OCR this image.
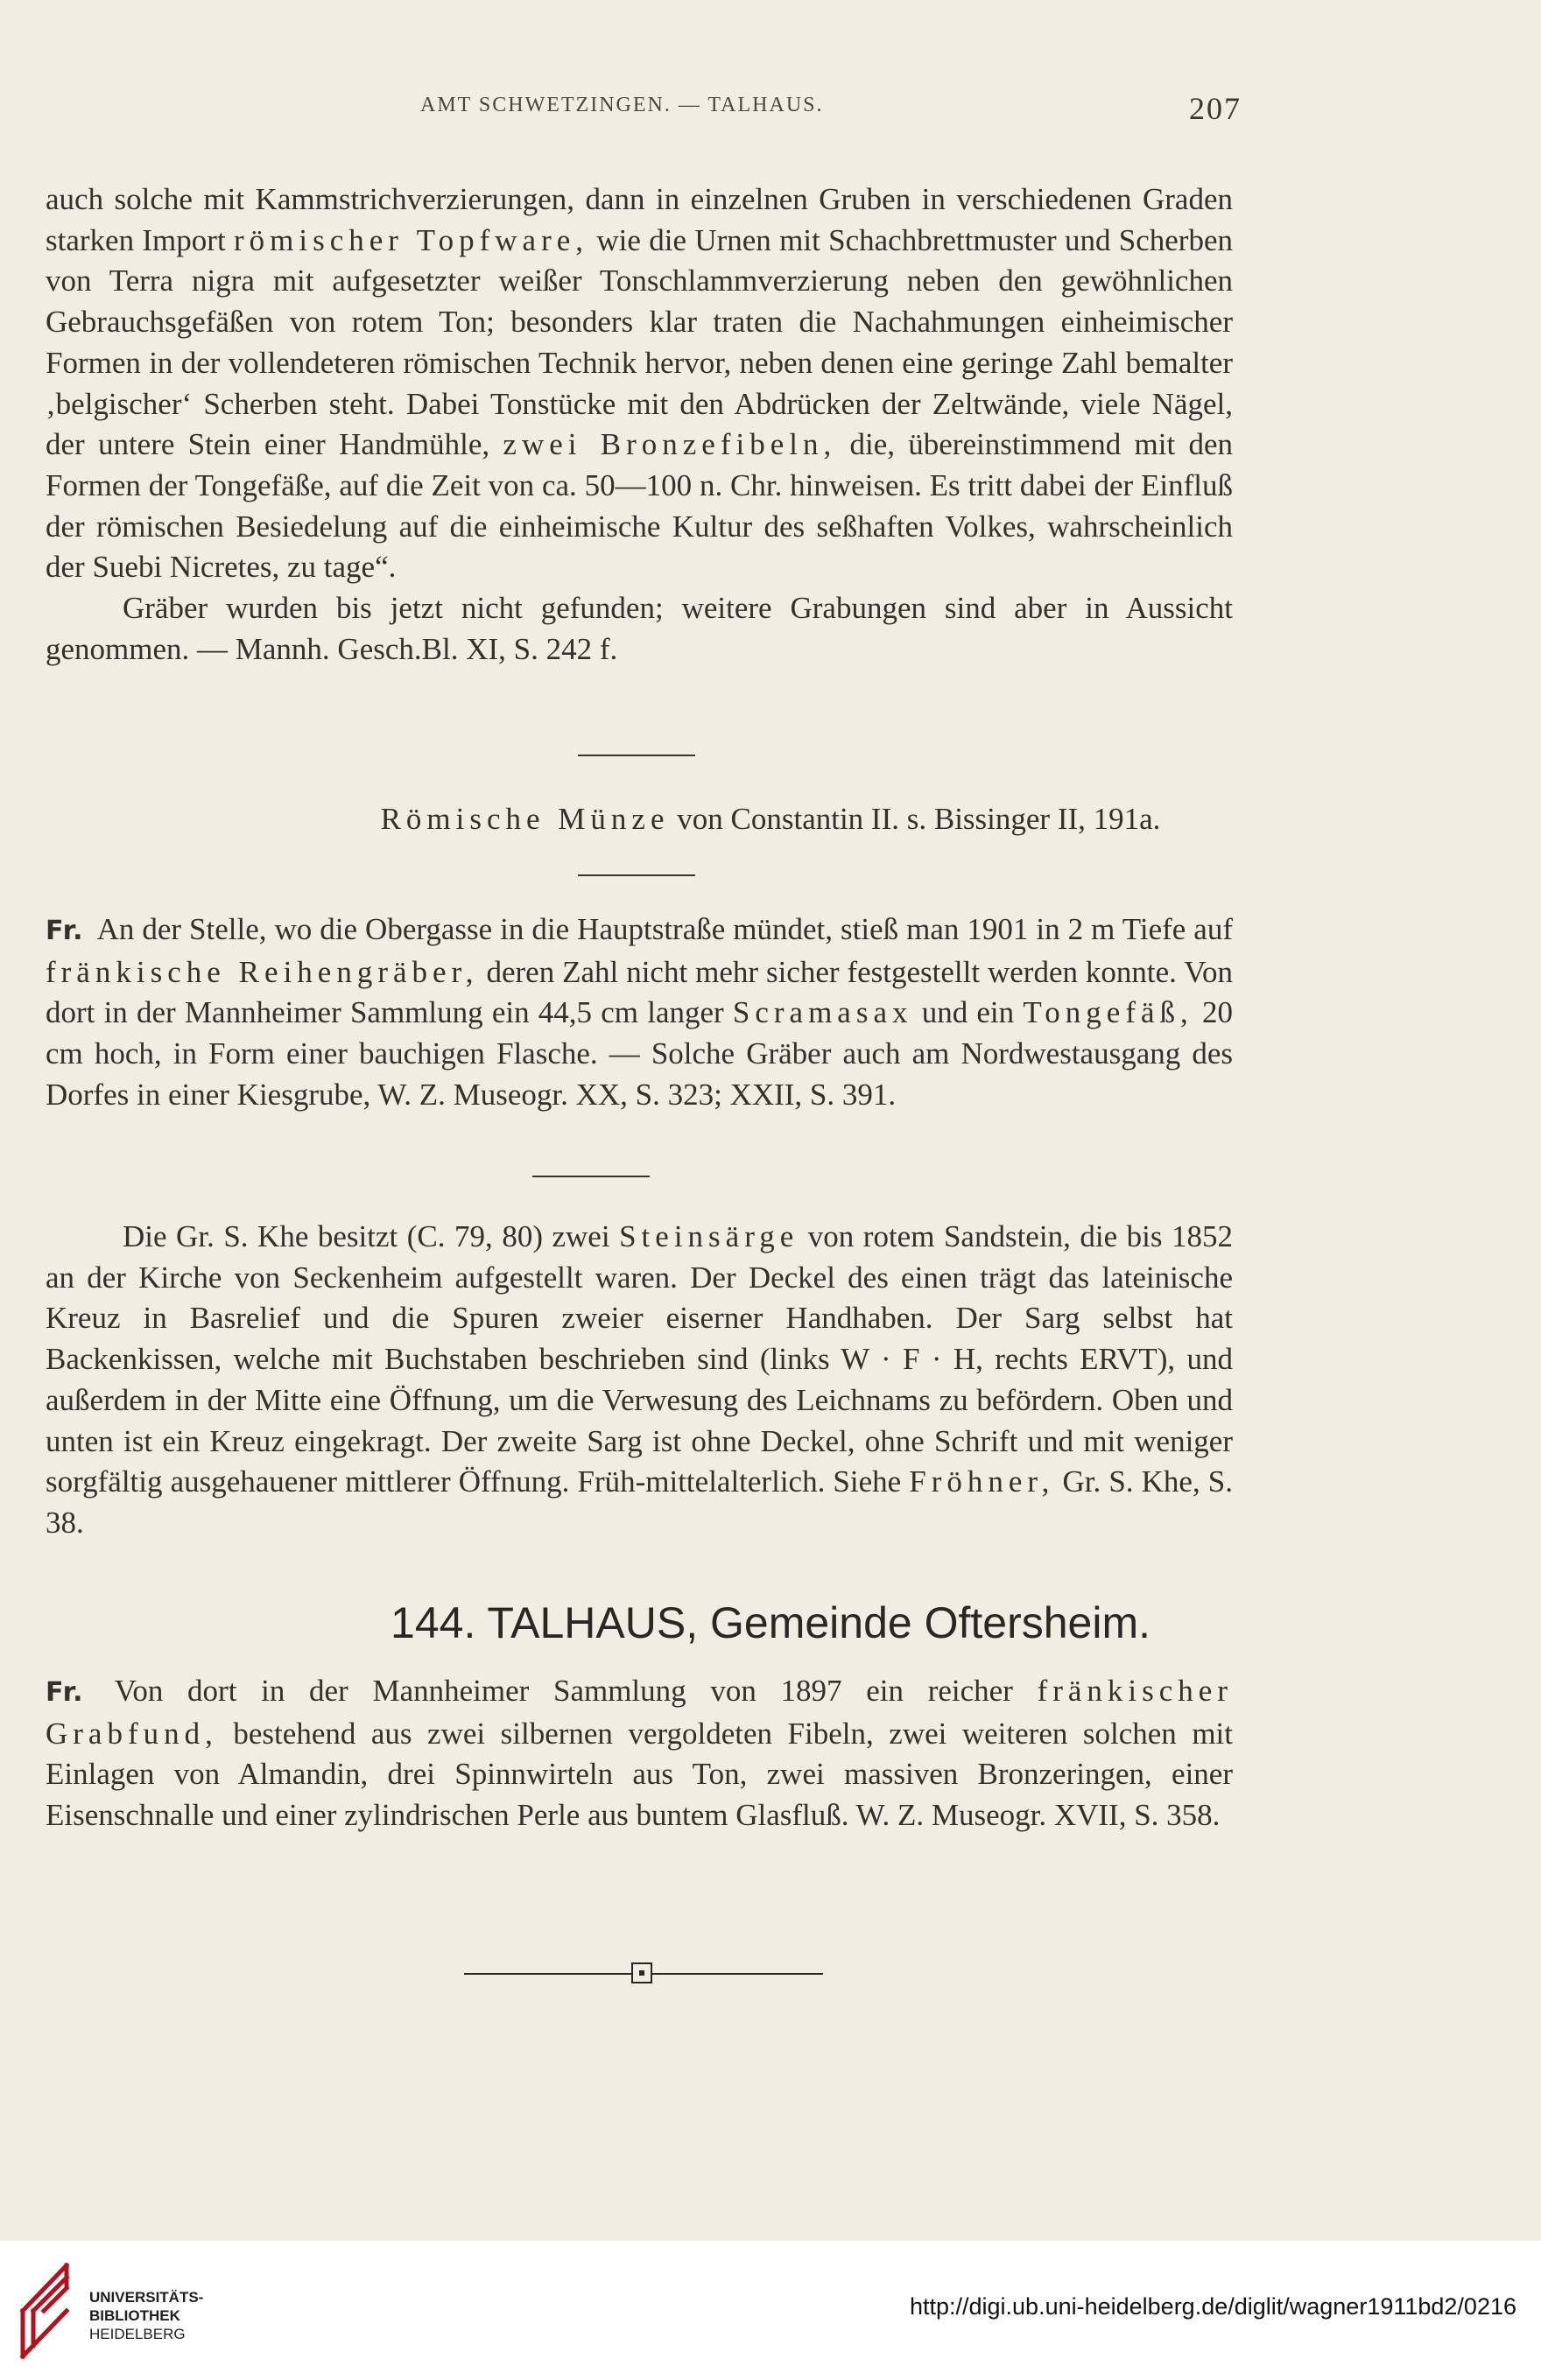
AMT SCHWETZINGEN. — TALHAUS.	207

auch solche mit Kammstrichverzierungen, dann in einzelnen Gruben in verschiedenen Graden starken Import römischer Topfware, wie die Urnen mit Schachbrettmuster und Scherben von Terra nigra mit aufgesetzter weißer Tonschlammverzierung neben den gewöhnlichen Gebrauchsgefäßen von rotem Ton; besonders klar traten die Nachahmungen einheimischer Formen in der vollendeteren römischen Technik hervor, neben denen eine geringe Zahl bemalter ‚belgischer‘ Scherben steht. Dabei Tonstücke mit den Abdrücken der Zeltwände, viele Nägel, der untere Stein einer Handmühle, zwei Bronzefibeln, die, übereinstimmend mit den Formen der Tongefäße, auf die Zeit von ca. 50—100 n. Chr. hinweisen. Es tritt dabei der Einfluß der römischen Besiedelung auf die einheimische Kultur des seßhaften Volkes, wahrscheinlich der Suebi Nicretes, zu tage“.

Gräber wurden bis jetzt nicht gefunden; weitere Grabungen sind aber in Aussicht genommen. — Mannh. Gesch.Bl. XI, S. 242 f.

Römische Münze von Constantin II. s. Bissinger II, 191a.

Fr. An der Stelle, wo die Obergasse in die Hauptstraße mündet, stieß man 1901 in 2 m Tiefe auf fränkische Reihengräber, deren Zahl nicht mehr sicher festgestellt werden konnte. Von dort in der Mannheimer Sammlung ein 44,5 cm langer Scramasax und ein Tongefäß, 20 cm hoch, in Form einer bauchigen Flasche. — Solche Gräber auch am Nordwestausgang des Dorfes in einer Kiesgrube, W. Z. Museogr. XX, S. 323; XXII, S. 391.

Die Gr. S. Khe besitzt (C. 79, 80) zwei Steinsärge von rotem Sandstein, die bis 1852 an der Kirche von Seckenheim aufgestellt waren. Der Deckel des einen trägt das lateinische Kreuz in Basrelief und die Spuren zweier eiserner Handhaben. Der Sarg selbst hat Backenkissen, welche mit Buchstaben beschrieben sind (links W · F · H, rechts ERVT), und außerdem in der Mitte eine Öffnung, um die Verwesung des Leichnams zu befördern. Oben und unten ist ein Kreuz eingekragt. Der zweite Sarg ist ohne Deckel, ohne Schrift und mit weniger sorgfältig ausgehauener mittlerer Öffnung. Früh-mittelalterlich. Siehe Fröhner, Gr. S. Khe, S. 38.

144. TALHAUS, Gemeinde Oftersheim.

Fr. Von dort in der Mannheimer Sammlung von 1897 ein reicher fränkischer Grabfund, bestehend aus zwei silbernen vergoldeten Fibeln, zwei weiteren solchen mit Einlagen von Almandin, drei Spinnwirteln aus Ton, zwei massiven Bronzeringen, einer Eisenschnalle und einer zylindrischen Perle aus buntem Glasfluß. W. Z. Museogr. XVII, S. 358.

UNIVERSITÄTS-
BIBLIOTHEK
HEIDELBERG
http://digi.ub.uni-heidelberg.de/diglit/wagner1911bd2/0216
